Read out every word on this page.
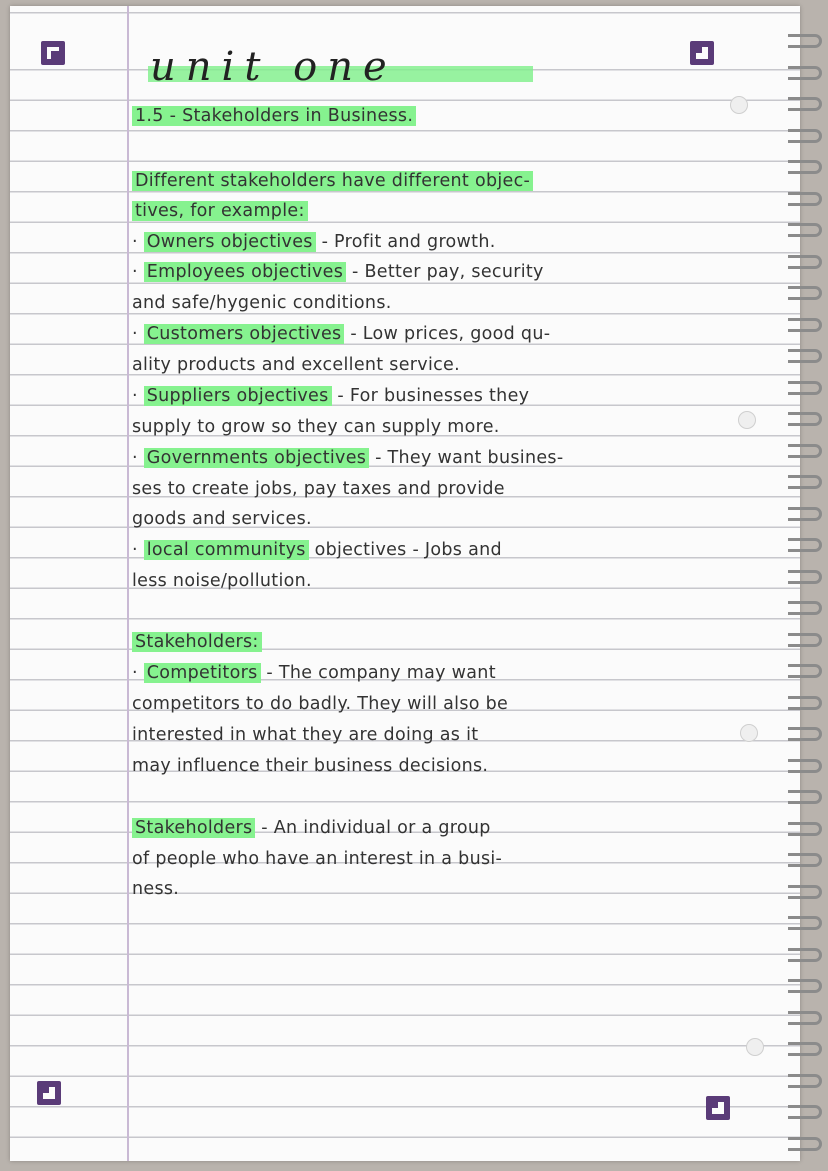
unit one
1.5 - Stakeholders in Business.
Different stakeholders have different objec-
tives, for example:
· Owners objectives - Profit and growth.
· Employees objectives - Better pay, security
and safe/hygenic conditions.
· Customers objectives - Low prices, good qu-
ality products and excellent service.
· Suppliers objectives - For businesses they
supply to grow so they can supply more.
· Governments objectives - They want busines-
ses to create jobs, pay taxes and provide
goods and services.
· local communitys objectives - Jobs and
less noise/pollution.
Stakeholders:
· Competitors - The company may want
competitors to do badly. They will also be
interested in what they are doing as it
may influence their business decisions.
Stakeholders - An individual or a group
of people who have an interest in a busi-
ness.
